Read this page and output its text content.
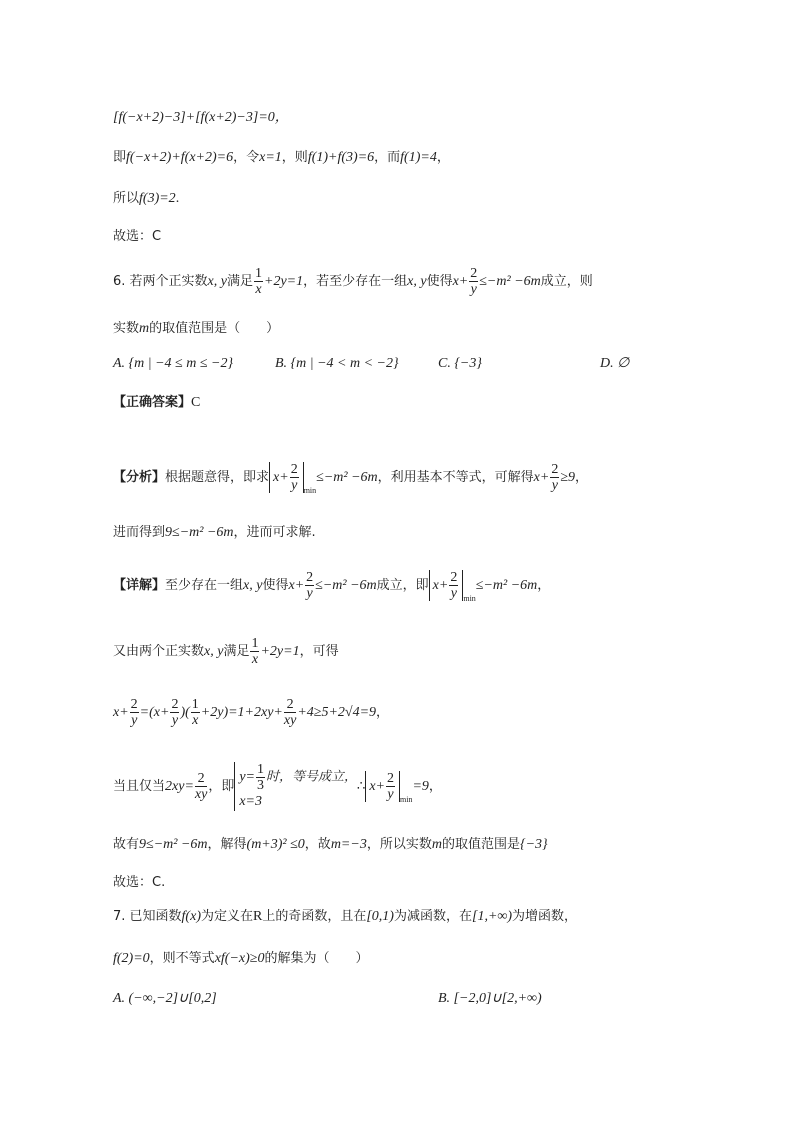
[f(−x+2)−3]+[f(x+2)−3]=0，
即f(−x+2)+f(x+2)=6，令x=1，则f(1)+f(3)=6，而f(1)=4，
所以f(3)=2.
故选：C
6. 若两个正实数x, y满足 $\frac{1}{x} +2y=1$，若至少存在一组x, y使得$x+ \frac{2}{y} \le-m^2 -6m$成立，则
实数m的取值范围是（　　）
A. {m | −4 ≤ m ≤ −2}	B. {m | −4 < m < −2}	C. {−3}	D. ∅
【正确答案】C
【分析】根据题意得，即求 $x+ \frac{2}{y} _{min}\le-m^2 -6m$，利用基本不等式，可解得$x+ \frac{2}{y} \ge 9$，
进而得到9≤−m² −6m，进而可求解.
【详解】至少存在一组x, y使得$x+ \frac{2}{y} \le-m^2 -6m$成立，即 $x+ \frac{2}{y} _{min}\le-m^2 -6m$，
又由两个正实数x, y满足 $\frac{1}{x} +2y=1$，可得
$x+ \frac{2}{y} =(x+ \frac{2}{y}$ )( $\frac{1}{x} +2y)=1+2xy+ \frac{2}{xy} +4\ge 5+2√4=9$，
当且仅当$2xy= \frac{2}{xy}$ ，即
$y= \frac{1}{3}$ 时，等号成立，
x=3
∴ $x+ \frac{2}{y} _{min}=9$，
故有9≤−m² −6m，解得(m+3)² ≤0，故m=−3，所以实数m的取值范围是{−3}
故选：C.
7. 已知函数f(x)为定义在R上的奇函数，且在[0,1)为减函数，在[1,+∞)为增函数，
f(2)=0，则不等式xf(−x)≥0的解集为（　　）
A. (−∞,−2]∪[0,2]	B. [−2,0]∪[2,+∞)
